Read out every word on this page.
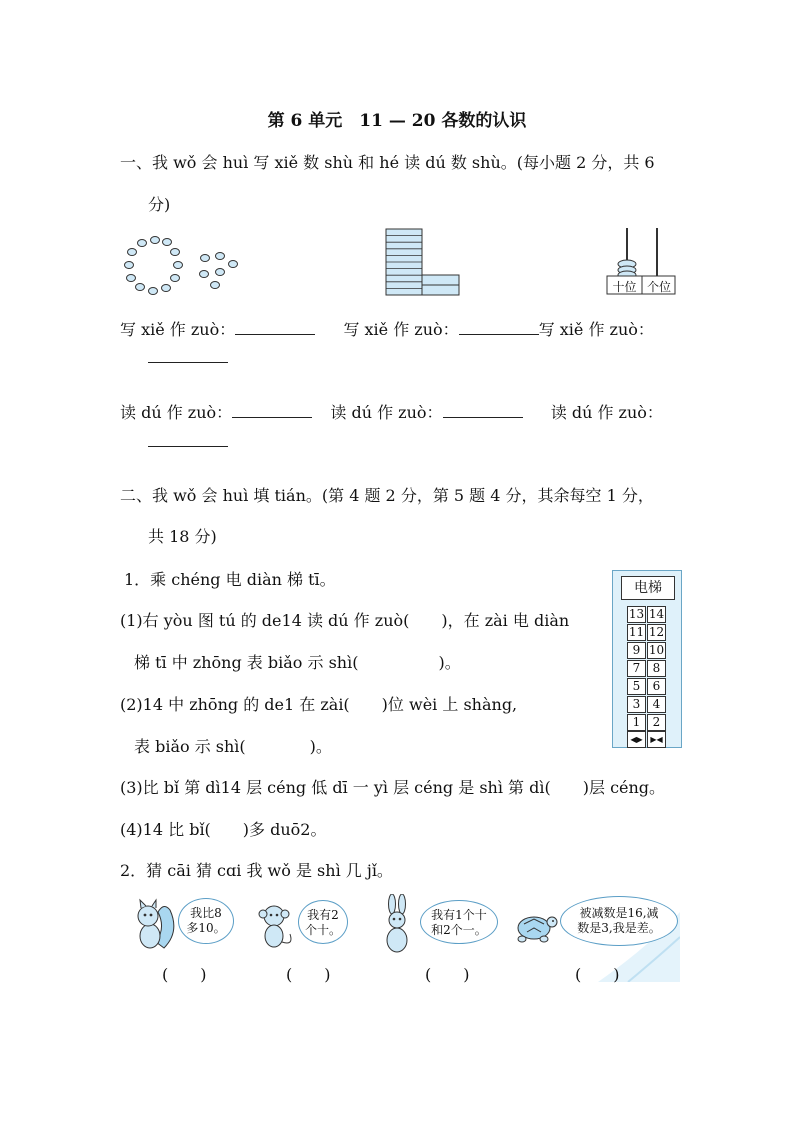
第 6 单元　11 — 20 各数的认识
一、我 wǒ 会 huì 写 xiě 数 shù 和 hé 读 dú 数 shù。(每小题 2 分，共 6
分)
十位 个位
写 xiě 作 zuò：	写 xiě 作 zuò：	写 xiě 作 zuò：
读 dú 作 zuò：	读 dú 作 zuò：	读 dú 作 zuò：
二、我 wǒ 会 huì 填 tián。(第 4 题 2 分，第 5 题 4 分，其余每空 1 分，
共 18 分)
1．乘 chéng 电 diàn 梯 tī。
(1)右 yòu 图 tú 的 de14 读 dú 作 zuò(　　)，在 zài 电 diàn
梯 tī 中 zhōng 表 biǎo 示 shì(　　　　　)。
(2)14 中 zhōng 的 de1 在 zài(　　)位 wèi 上 shàng,
表 biǎo 示 shì(　　　　)。
(3)比 bǐ 第 dì14 层 céng 低 dī 一 yì 层 céng 是 shì 第 dì(　　)层 céng。
(4)14 比 bǐ(　　)多 duō2。
电梯
13 14
11 12
9 10
7	8
5	6
3	4
1	2
◀▶ ▶◀
2．猜 cāi 猜 cɑi 我 wǒ 是 shì 几 jǐ。
我比8
多10。
我有2
个十。
我有1个十
和2个一。
被减数是16,减
数是3,我是差。
(　　)	(　　)	(　　)	(　　)
